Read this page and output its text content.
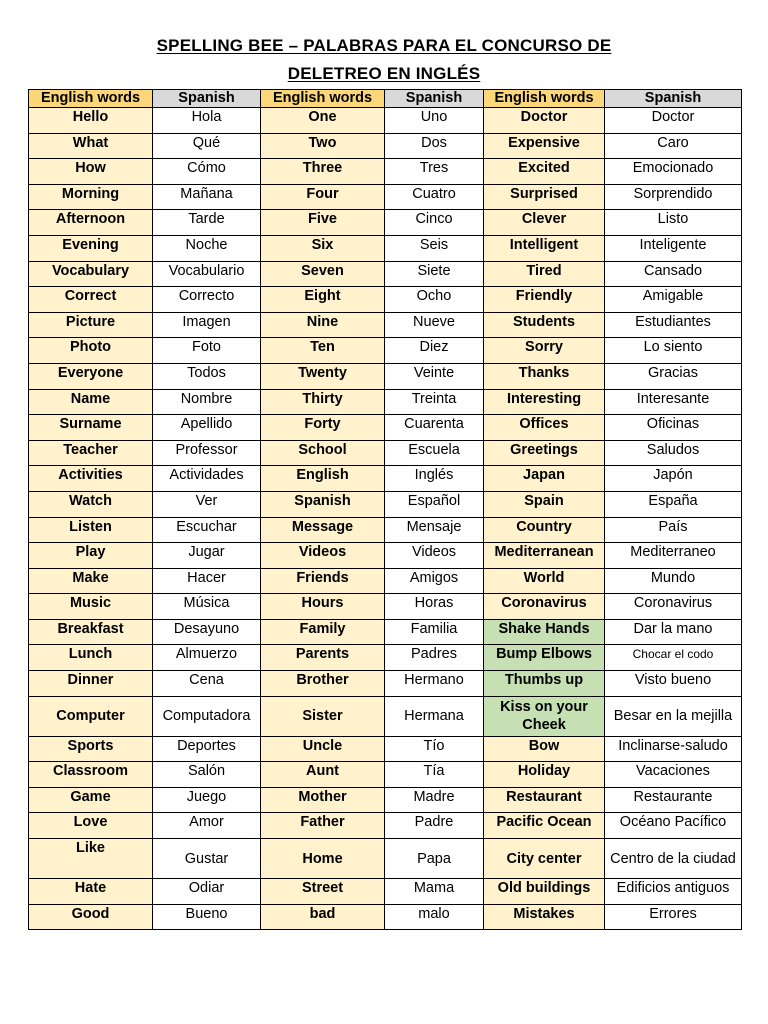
SPELLING BEE – PALABRAS PARA EL CONCURSO DE
DELETREO EN INGLÉS
English words	Spanish	English words	Spanish	English words	Spanish
Hello	Hola	One	Uno	Doctor	Doctor
What	Qué	Two	Dos	Expensive	Caro
How	Cómo	Three	Tres	Excited	Emocionado
Morning	Mañana	Four	Cuatro	Surprised	Sorprendido
Afternoon	Tarde	Five	Cinco	Clever	Listo
Evening	Noche	Six	Seis	Intelligent	Inteligente
Vocabulary	Vocabulario	Seven	Siete	Tired	Cansado
Correct	Correcto	Eight	Ocho	Friendly	Amigable
Picture	Imagen	Nine	Nueve	Students	Estudiantes
Photo	Foto	Ten	Diez	Sorry	Lo siento
Everyone	Todos	Twenty	Veinte	Thanks	Gracias
Name	Nombre	Thirty	Treinta	Interesting	Interesante
Surname	Apellido	Forty	Cuarenta	Offices	Oficinas
Teacher	Professor	School	Escuela	Greetings	Saludos
Activities	Actividades	English	Inglés	Japan	Japón
Watch	Ver	Spanish	Español	Spain	España
Listen	Escuchar	Message	Mensaje	Country	País
Play	Jugar	Videos	Videos	Mediterranean	Mediterraneo
Make	Hacer	Friends	Amigos	World	Mundo
Music	Música	Hours	Horas	Coronavirus	Coronavirus
Breakfast	Desayuno	Family	Familia	Shake Hands	Dar la mano
Lunch	Almuerzo	Parents	Padres	Bump Elbows	Chocar el codo
Dinner	Cena	Brother	Hermano	Thumbs up	Visto bueno
Computer	Computadora	Sister	Hermana	Kiss on your Cheek	Besar en la mejilla
Sports	Deportes	Uncle	Tío	Bow	Inclinarse-saludo
Classroom	Salón	Aunt	Tía	Holiday	Vacaciones
Game	Juego	Mother	Madre	Restaurant	Restaurante
Love	Amor	Father	Padre	Pacific Ocean	Océano Pacífico
Like	Gustar	Home	Papa	City center	Centro de la ciudad
Hate	Odiar	Street	Mama	Old buildings	Edificios antiguos
Good	Bueno	bad	malo	Mistakes	Errores
